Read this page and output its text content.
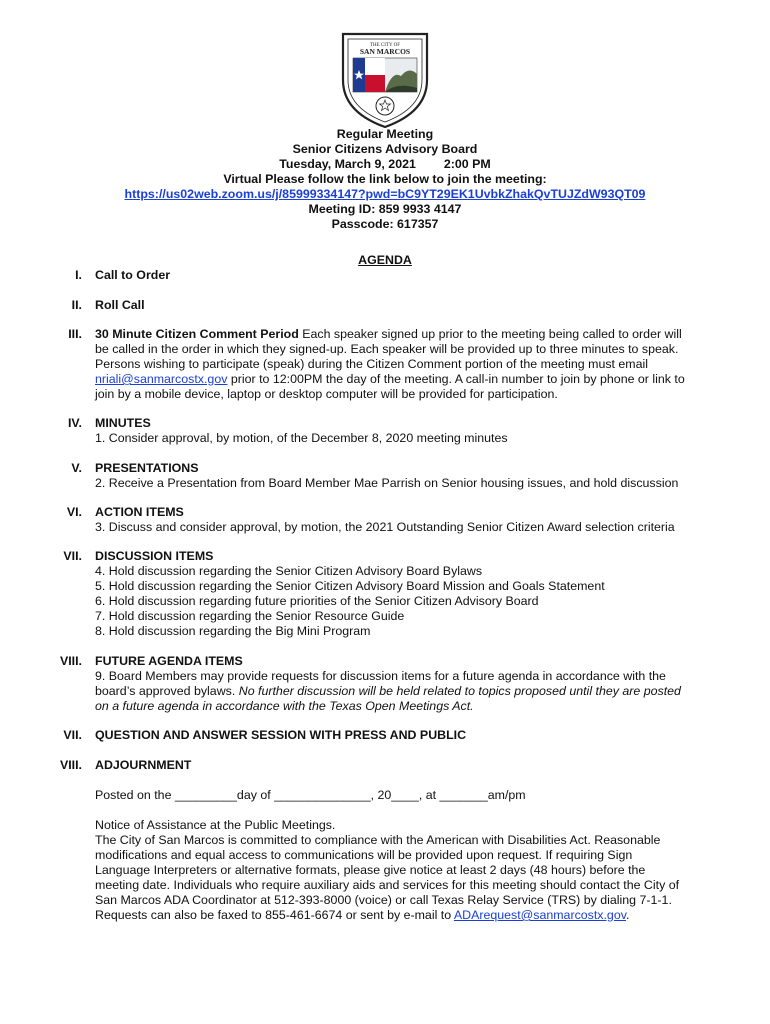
THE CITY OF
SAN MARCOS
Regular Meeting
Senior Citizens Advisory Board
Tuesday, March 9, 2021 2:00 PM
Virtual Please follow the link below to join the meeting:
https://us02web.zoom.us/j/85999334147?pwd=bC9YT29EK1UvbkZhakQvTUJZdW93QT09
Meeting ID: 859 9933 4147
Passcode: 617357
AGENDA
I. Call to Order
II. Roll Call
III. 30 Minute Citizen Comment Period Each speaker signed up prior to the meeting being called to order will
be called in the order in which they signed-up. Each speaker will be provided up to three minutes to speak.
Persons wishing to participate (speak) during the Citizen Comment portion of the meeting must email
nriali@sanmarcostx.gov prior to 12:00PM the day of the meeting. A call-in number to join by phone or link to
join by a mobile device, laptop or desktop computer will be provided for participation.
IV. MINUTES
1. Consider approval, by motion, of the December 8, 2020 meeting minutes
V. PRESENTATIONS
2. Receive a Presentation from Board Member Mae Parrish on Senior housing issues, and hold discussion
VI. ACTION ITEMS
3. Discuss and consider approval, by motion, the 2021 Outstanding Senior Citizen Award selection criteria
VII. DISCUSSION ITEMS
4. Hold discussion regarding the Senior Citizen Advisory Board Bylaws
5. Hold discussion regarding the Senior Citizen Advisory Board Mission and Goals Statement
6. Hold discussion regarding future priorities of the Senior Citizen Advisory Board
7. Hold discussion regarding the Senior Resource Guide
8. Hold discussion regarding the Big Mini Program
VIII. FUTURE AGENDA ITEMS
9. Board Members may provide requests for discussion items for a future agenda in accordance with the
board’s approved bylaws. No further discussion will be held related to topics proposed until they are posted
on a future agenda in accordance with the Texas Open Meetings Act.
VII. QUESTION AND ANSWER SESSION WITH PRESS AND PUBLIC
VIII. ADJOURNMENT
Posted on the _________day of ______________, 20____, at _______am/pm
Notice of Assistance at the Public Meetings.
The City of San Marcos is committed to compliance with the American with Disabilities Act. Reasonable
modifications and equal access to communications will be provided upon request. If requiring Sign
Language Interpreters or alternative formats, please give notice at least 2 days (48 hours) before the
meeting date. Individuals who require auxiliary aids and services for this meeting should contact the City of
San Marcos ADA Coordinator at 512-393-8000 (voice) or call Texas Relay Service (TRS) by dialing 7-1-1.
Requests can also be faxed to 855-461-6674 or sent by e-mail to ADArequest@sanmarcostx.gov.
